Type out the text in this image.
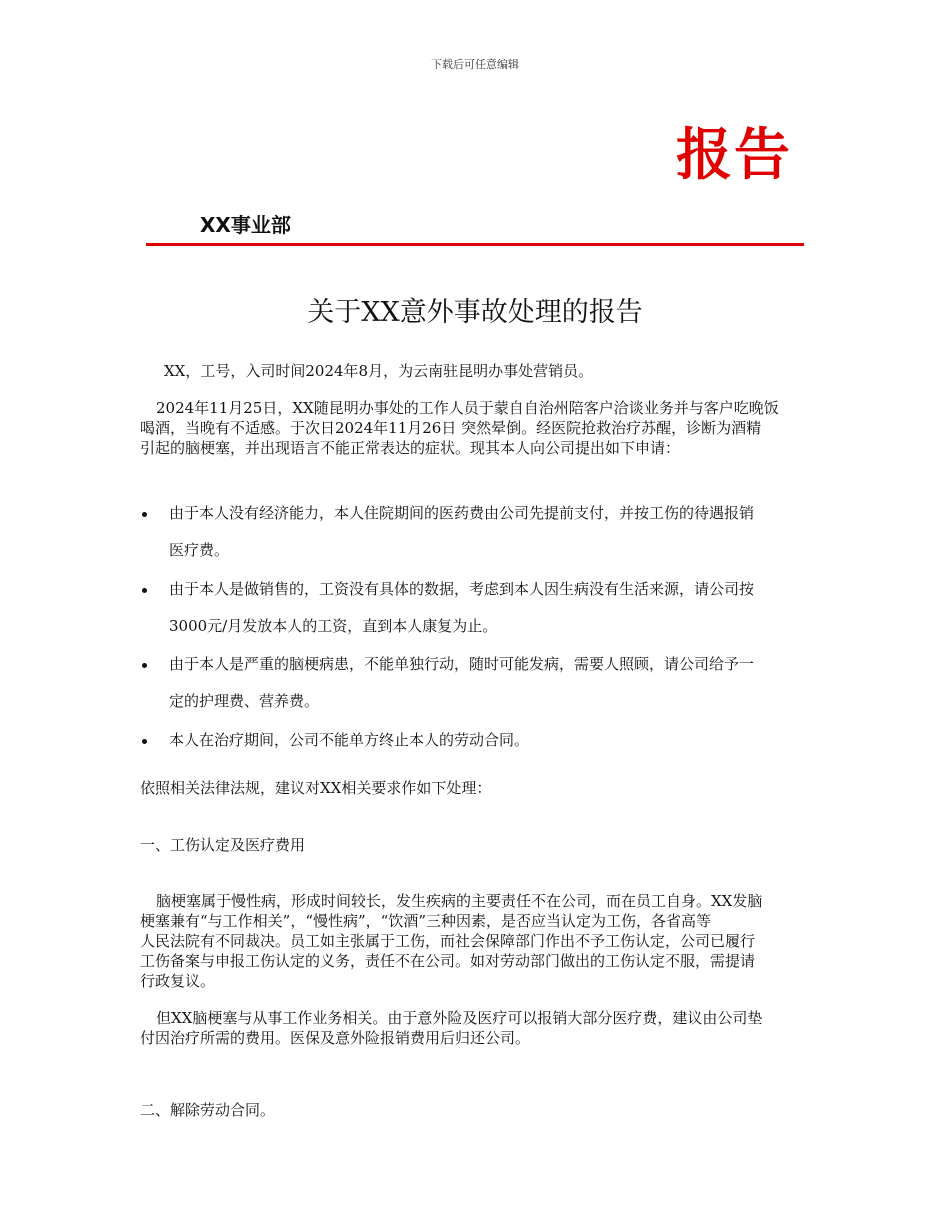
下载后可任意编辑
报告
XX事业部
关于XX意外事故处理的报告
XX，工号，入司时间2024年8月，为云南驻昆明办事处营销员。
2024年11月25日，XX随昆明办事处的工作人员于蒙自自治州陪客户洽谈业务并与客户吃晚饭
喝酒，当晚有不适感。于次日2024年11月26日 突然晕倒。经医院抢救治疗苏醒，诊断为酒精
引起的脑梗塞，并出现语言不能正常表达的症状。现其本人向公司提出如下申请：
由于本人没有经济能力，本人住院期间的医药费由公司先提前支付，并按工伤的待遇报销
医疗费。
由于本人是做销售的，工资没有具体的数据，考虑到本人因生病没有生活来源，请公司按
3000元/月发放本人的工资，直到本人康复为止。
由于本人是严重的脑梗病患，不能单独行动，随时可能发病，需要人照顾，请公司给予一
定的护理费、营养费。
本人在治疗期间，公司不能单方终止本人的劳动合同。
依照相关法律法规，建议对XX相关要求作如下处理：
一、工伤认定及医疗费用
脑梗塞属于慢性病，形成时间较长，发生疾病的主要责任不在公司，而在员工自身。XX发脑
梗塞兼有“与工作相关”，“慢性病”，“饮酒”三种因素，是否应当认定为工伤，各省高等
人民法院有不同裁决。员工如主张属于工伤，而社会保障部门作出不予工伤认定，公司已履行
工伤备案与申报工伤认定的义务，责任不在公司。如对劳动部门做出的工伤认定不服，需提请
行政复议。
但XX脑梗塞与从事工作业务相关。由于意外险及医疗可以报销大部分医疗费，建议由公司垫
付因治疗所需的费用。医保及意外险报销费用后归还公司。
二、解除劳动合同。
